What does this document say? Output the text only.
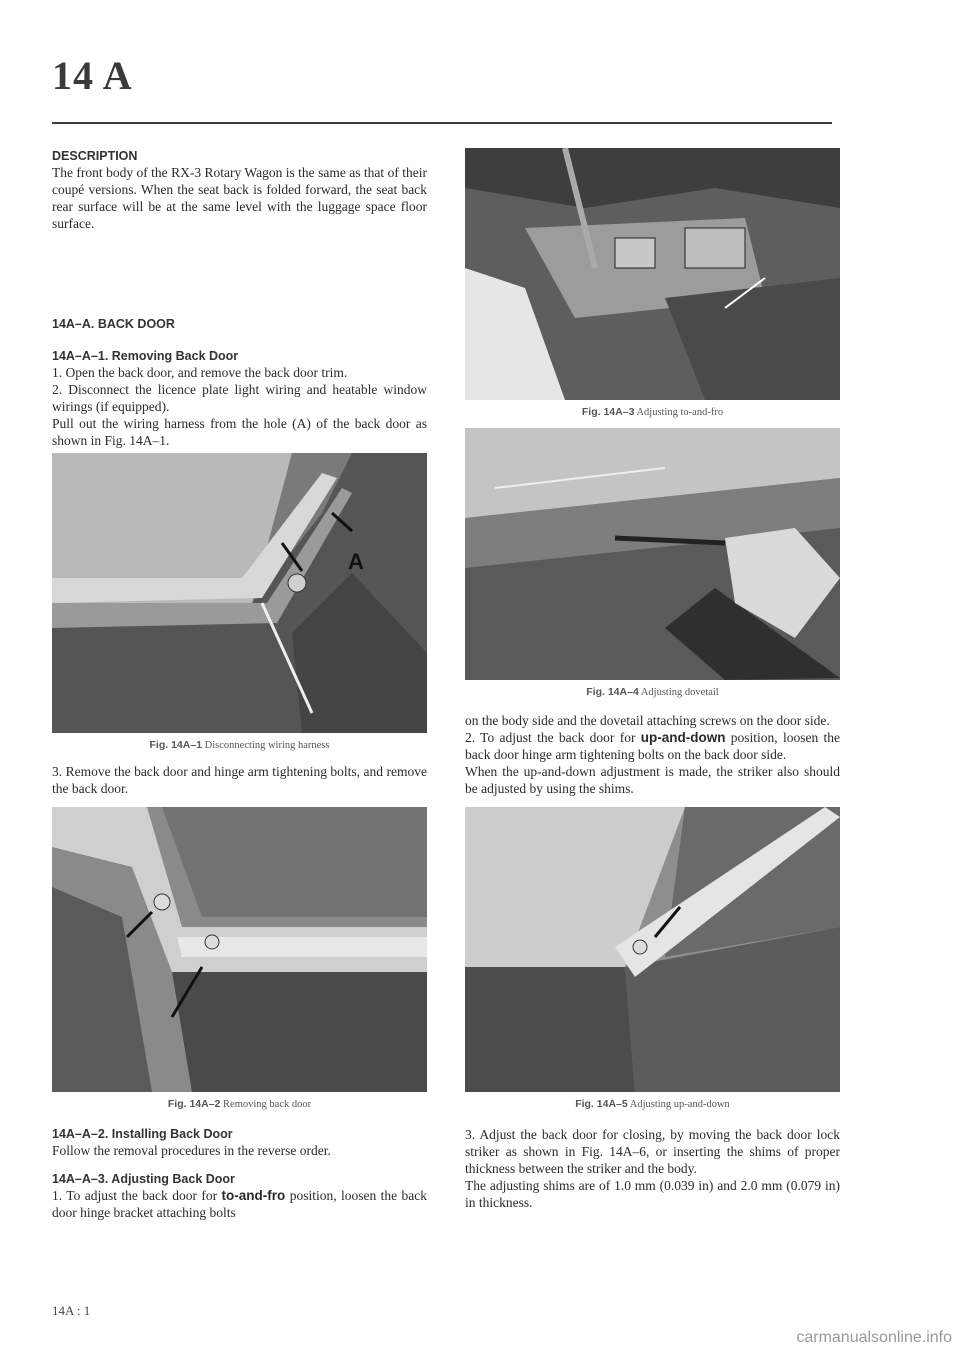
14 A

DESCRIPTION

The front body of the RX-3 Rotary Wagon is the same as that of their coupé versions. When the seat back is folded forward, the seat back rear surface will be at the same level with the luggage space floor surface.

14A–A. BACK DOOR

14A–A–1. Removing Back Door

1. Open the back door, and remove the back door trim.

2. Disconnect the licence plate light wiring and heatable window wirings (if equipped).

Pull out the wiring harness from the hole (A) of the back door as shown in Fig. 14A–1.

A

Fig. 14A–1 Disconnecting wiring harness

3. Remove the back door and hinge arm tightening bolts, and remove the back door.

Fig. 14A–2 Removing back door

14A–A–2. Installing Back Door

Follow the removal procedures in the reverse order.

14A–A–3. Adjusting Back Door

1. To adjust the back door for to-and-fro position, loosen the back door hinge bracket attaching bolts

Fig. 14A–3 Adjusting to-and-fro

Fig. 14A–4 Adjusting dovetail

on the body side and the dovetail attaching screws on the door side.

2. To adjust the back door for up-and-down position, loosen the back door hinge arm tightening bolts on the back door side.

When the up-and-down adjustment is made, the striker also should be adjusted by using the shims.

Fig. 14A–5 Adjusting up-and-down

3. Adjust the back door for closing, by moving the back door lock striker as shown in Fig. 14A–6, or inserting the shims of proper thickness between the striker and the body.

The adjusting shims are of 1.0 mm (0.039 in) and 2.0 mm (0.079 in) in thickness.

14A : 1
carmanualsonline.info
